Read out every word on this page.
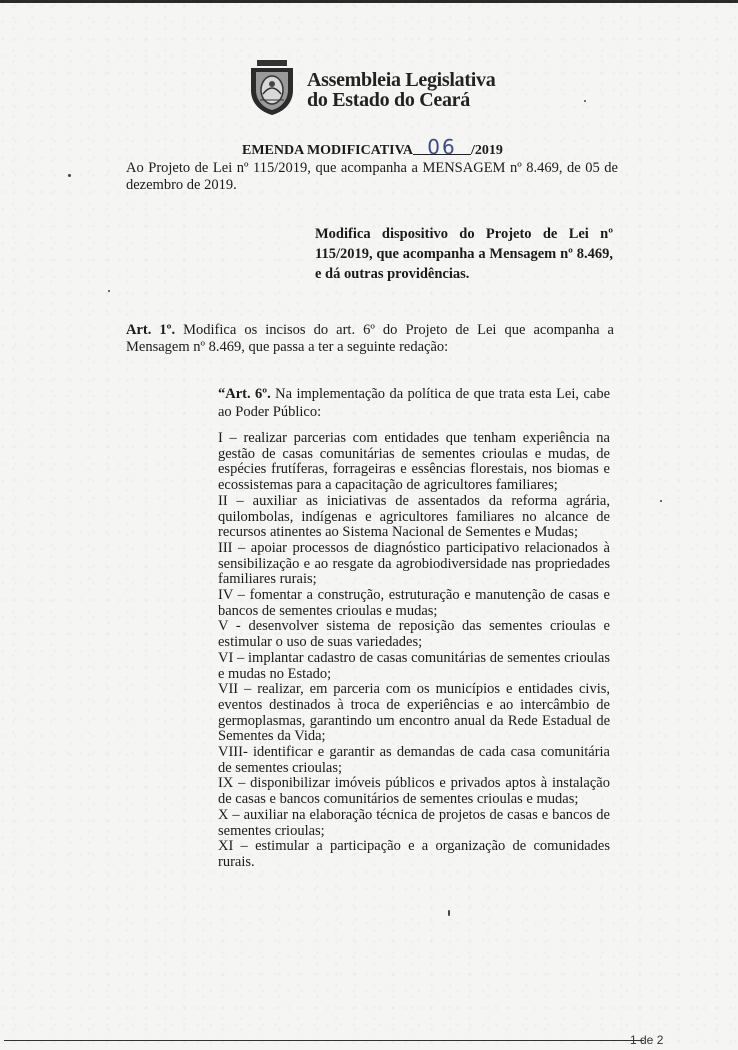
Assembleia Legislativa
do Estado do Ceará
EMENDA MODIFICATIVA 06 /2019
Ao Projeto de Lei nº 115/2019, que acompanha a MENSAGEM nº 8.469, de 05 de dezembro de 2019.
Modifica dispositivo do Projeto de Lei nº 115/2019, que acompanha a Mensagem nº 8.469, e dá outras providências.
Art. 1º. Modifica os incisos do art. 6º do Projeto de Lei que acompanha a Mensagem nº 8.469, que passa a ter a seguinte redação:
“Art. 6º. Na implementação da política de que trata esta Lei, cabe ao Poder Público:

I – realizar parcerias com entidades que tenham experiência na gestão de casas comunitárias de sementes crioulas e mudas, de espécies frutíferas, forrageiras e essências florestais, nos biomas e ecossistemas para a capacitação de agricultores familiares;

II – auxiliar as iniciativas de assentados da reforma agrária, quilombolas, indígenas e agricultores familiares no alcance de recursos atinentes ao Sistema Nacional de Sementes e Mudas;

III – apoiar processos de diagnóstico participativo relacionados à sensibilização e ao resgate da agrobiodiversidade nas propriedades familiares rurais;

IV – fomentar a construção, estruturação e manutenção de casas e bancos de sementes crioulas e mudas;

V - desenvolver sistema de reposição das sementes crioulas e estimular o uso de suas variedades;

VI – implantar cadastro de casas comunitárias de sementes crioulas e mudas no Estado;

VII – realizar, em parceria com os municípios e entidades civis, eventos destinados à troca de experiências e ao intercâmbio de germoplasmas, garantindo um encontro anual da Rede Estadual de Sementes da Vida;

VIII- identificar e garantir as demandas de cada casa comunitária de sementes crioulas;

IX – disponibilizar imóveis públicos e privados aptos à instalação de casas e bancos comunitários de sementes crioulas e mudas;

X – auxiliar na elaboração técnica de projetos de casas e bancos de sementes crioulas;

XI – estimular a participação e a organização de comunidades rurais.

1 de 2
